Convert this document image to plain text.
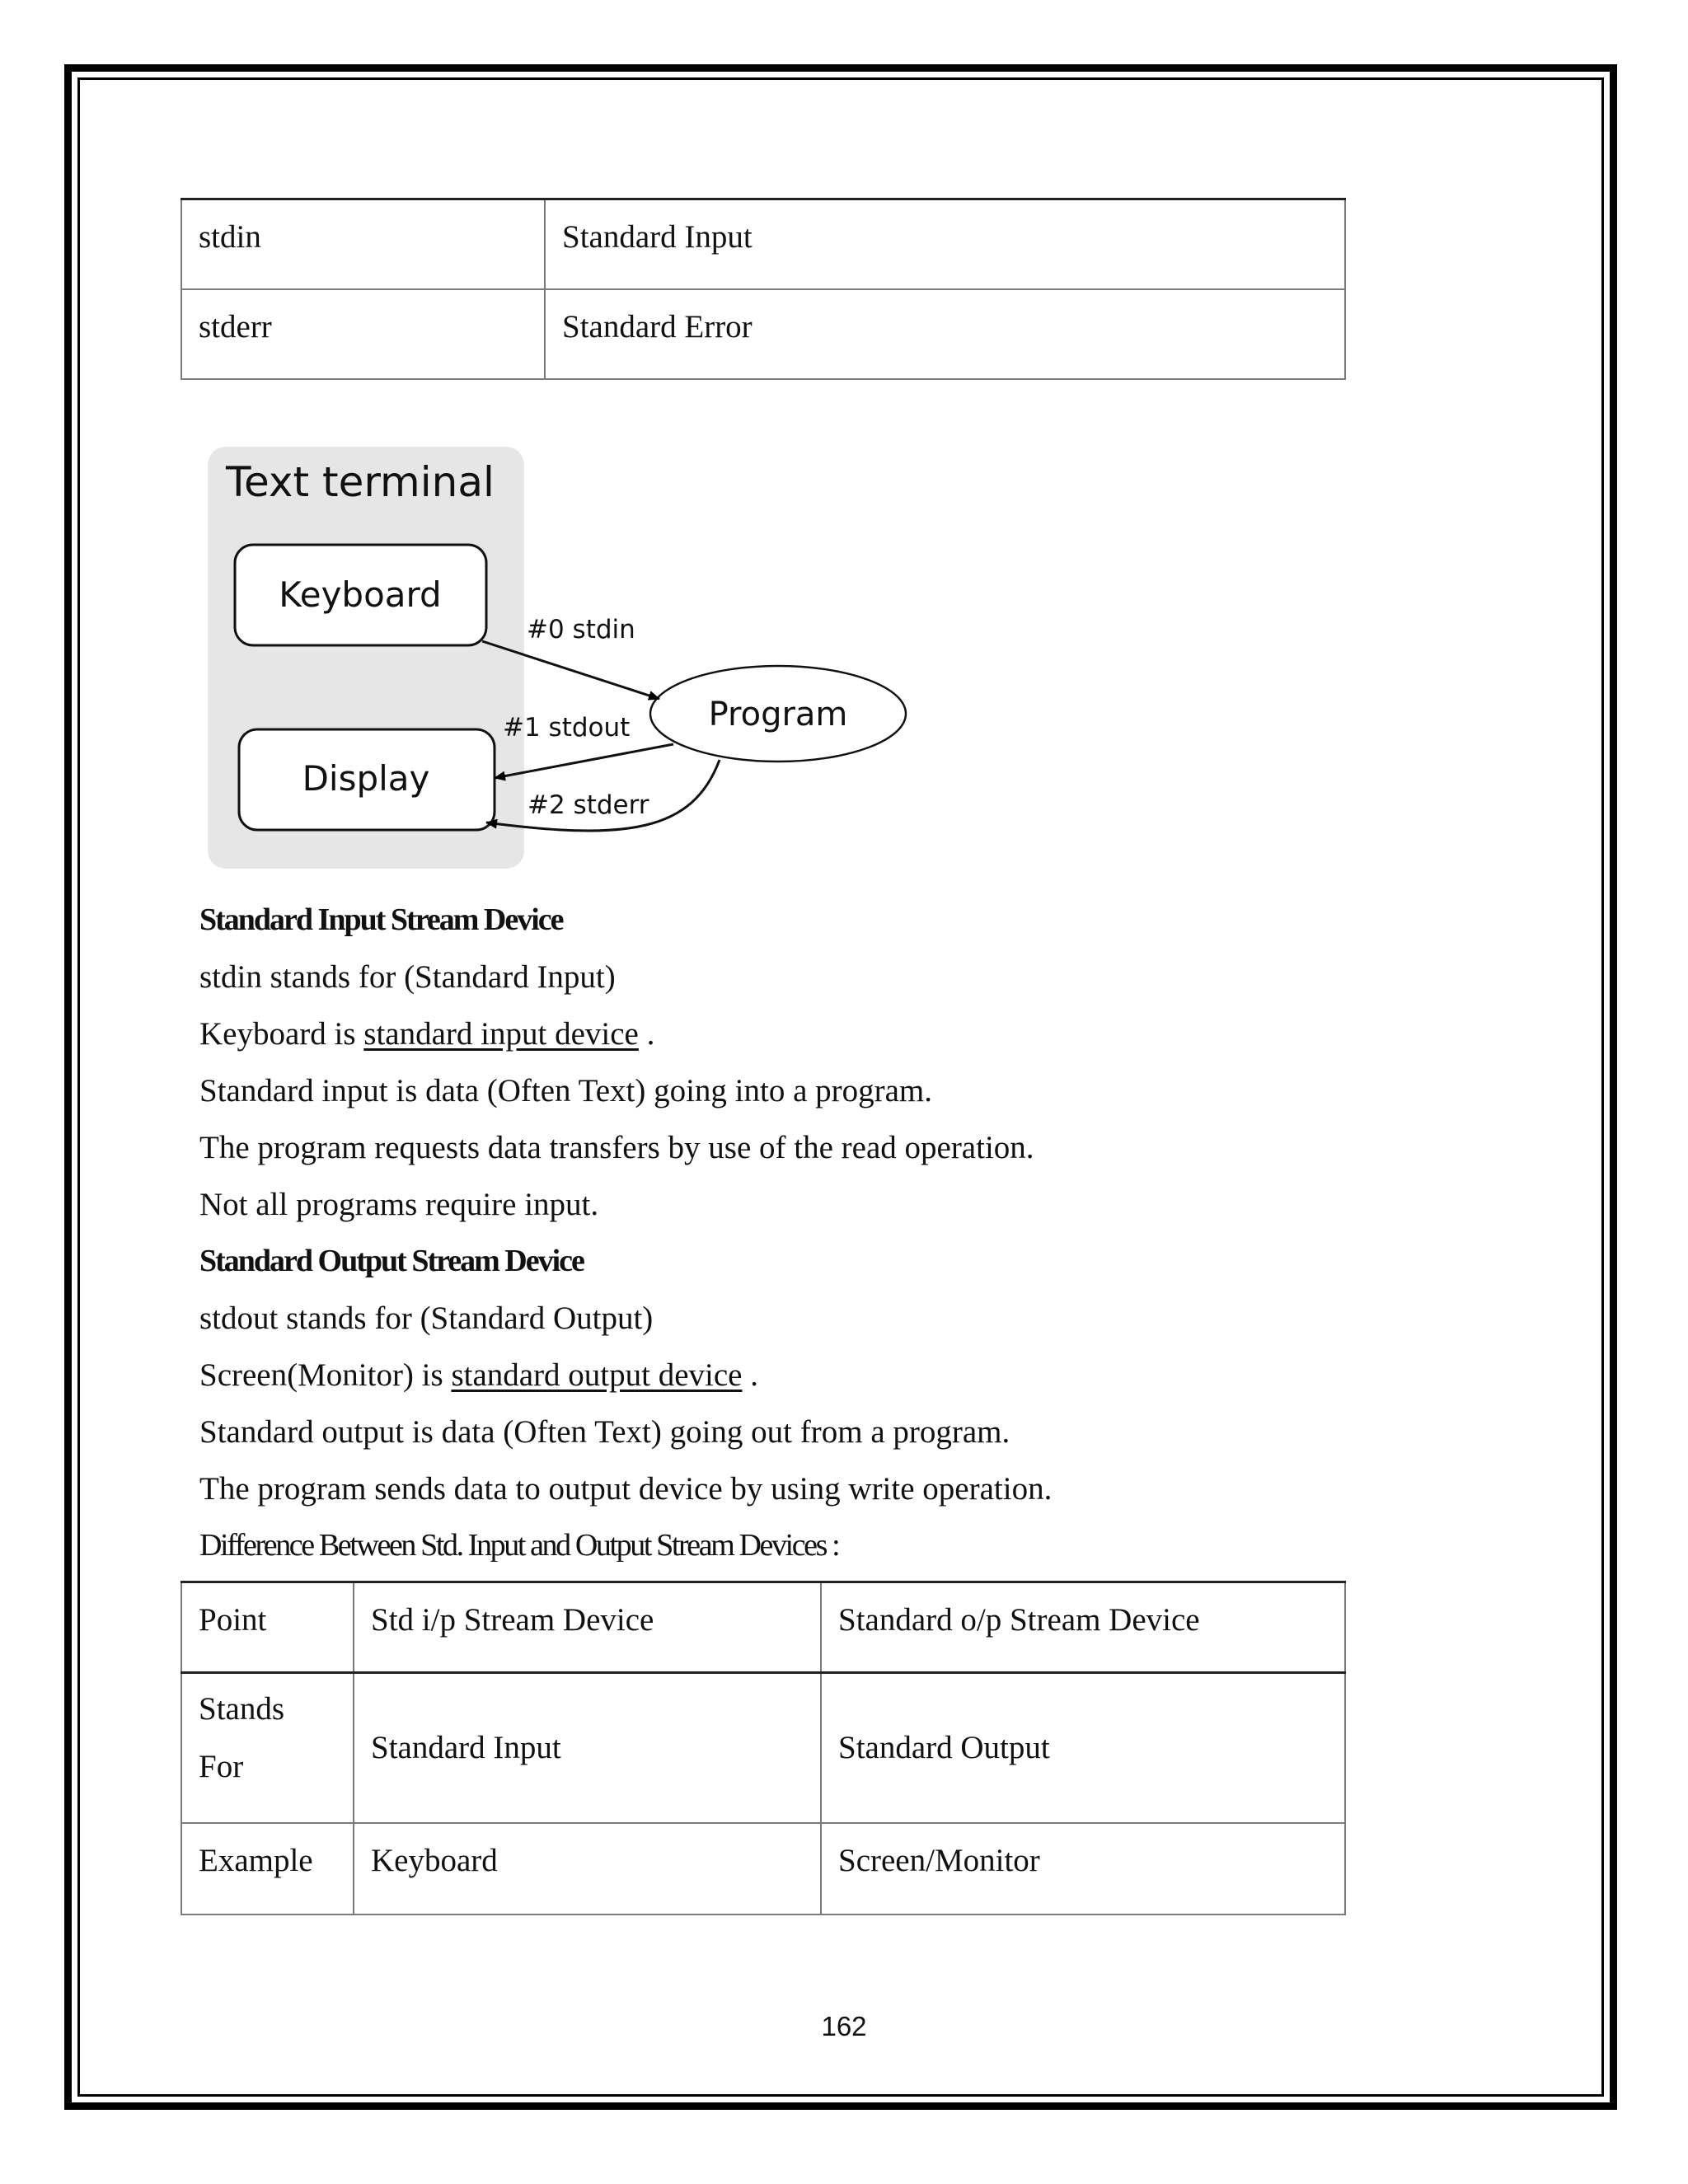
stdin	Standard Input
stderr	Standard Error
Text terminal
Keyboard
Display
Program
#0 stdin
#1 stdout
#2 stderr
Standard Input Stream Device
stdin stands for (Standard Input)
Keyboard is standard input device .
Standard input is data (Often Text) going into a program.
The program requests data transfers by use of the read operation.
Not all programs require input.
Standard Output Stream Device
stdout stands for (Standard Output)
Screen(Monitor) is standard output device .
Standard output is data (Often Text) going out from a program.
The program sends data to output device by using write operation.
Difference Between Std. Input and Output Stream Devices :
Point	Std i/p Stream Device	Standard o/p Stream Device

Stands
For	Standard Input	Standard Output
Example	Keyboard	Screen/Monitor
162
